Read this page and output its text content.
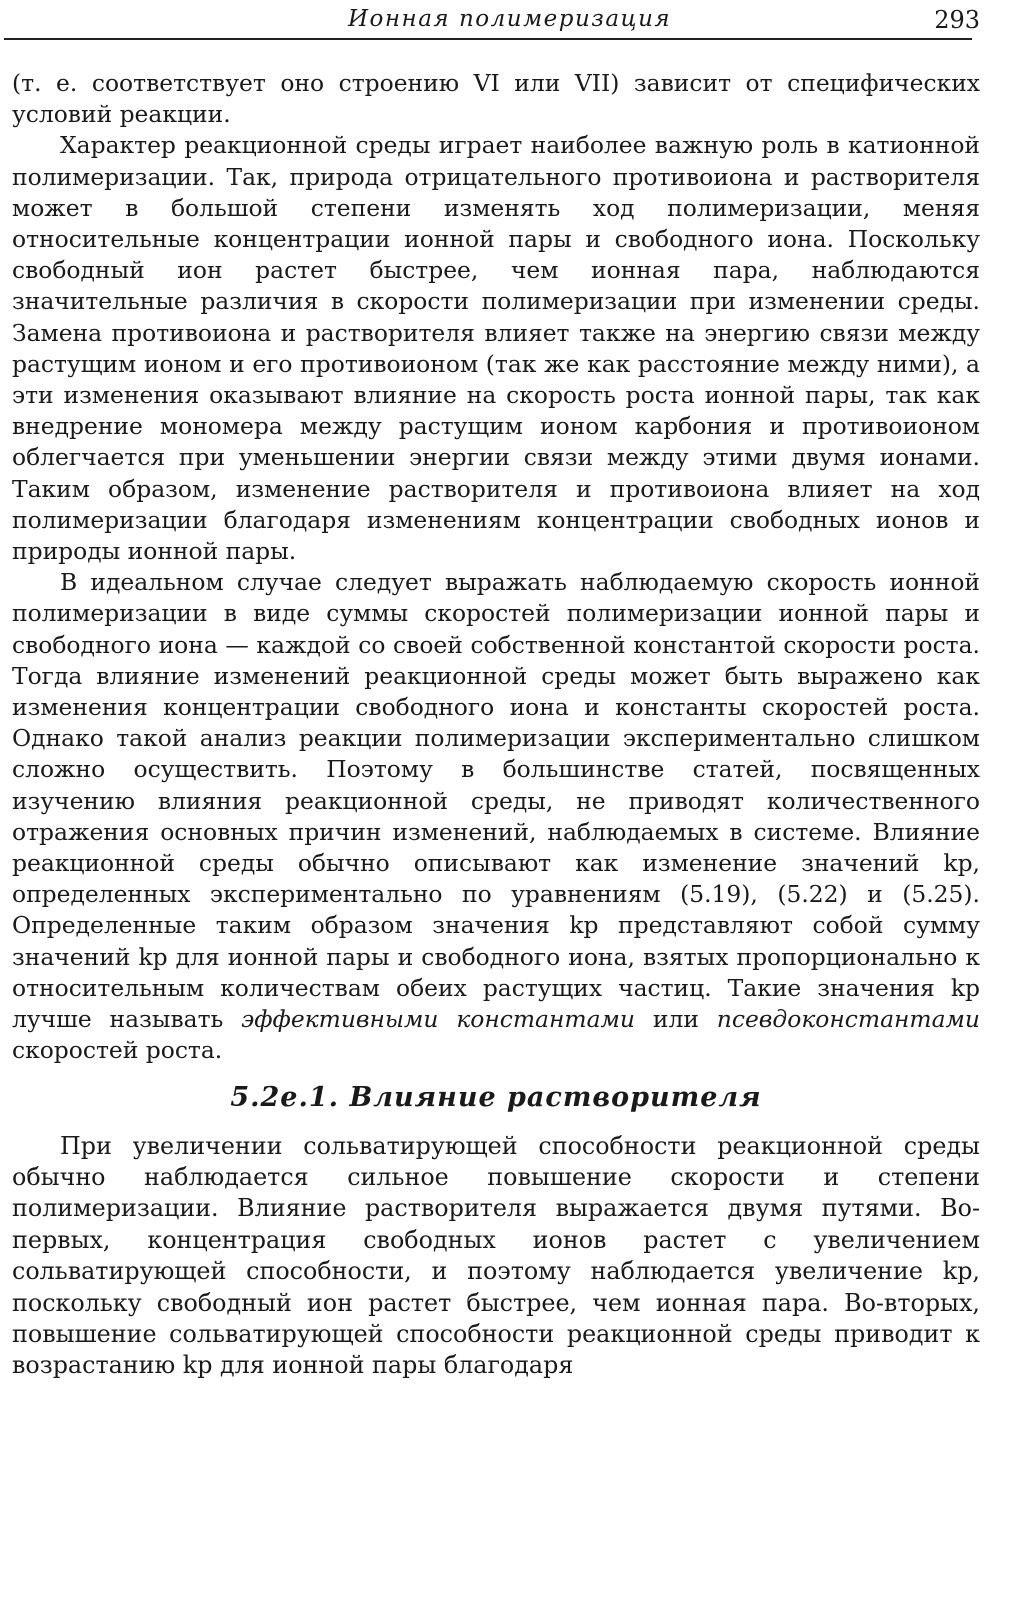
Ионная полимеризация	293

(т. е. соответствует оно строению VI или VII) зависит от специфических условий реакции.

Характер реакционной среды играет наиболее важную роль в катионной полимеризации. Так, природа отрицательного противоиона и растворителя может в большой степени изменять ход полимеризации, меняя относительные концентрации ионной пары и свободного иона. Поскольку свободный ион растет быстрее, чем ионная пара, наблюдаются значительные различия в скорости полимеризации при изменении среды. Замена противоиона и растворителя влияет также на энергию связи между растущим ионом и его противоионом (так же как расстояние между ними), а эти изменения оказывают влияние на скорость роста ионной пары, так как внедрение мономера между растущим ионом карбония и противоионом облегчается при уменьшении энергии связи между этими двумя ионами. Таким образом, изменение растворителя и противоиона влияет на ход полимеризации благодаря изменениям концентрации свободных ионов и природы ионной пары.

В идеальном случае следует выражать наблюдаемую скорость ионной полимеризации в виде суммы скоростей полимеризации ионной пары и свободного иона — каждой со своей собственной константой скорости роста. Тогда влияние изменений реакционной среды может быть выражено как изменения концентрации свободного иона и константы скоростей роста. Однако такой анализ реакции полимеризации экспериментально слишком сложно осуществить. Поэтому в большинстве статей, посвященных изучению влияния реакционной среды, не приводят количественного отражения основных причин изменений, наблюдаемых в системе. Влияние реакционной среды обычно описывают как изменение значений kp, определенных экспериментально по уравнениям (5.19), (5.22) и (5.25). Определенные таким образом значения kp представляют собой сумму значений kp для ионной пары и свободного иона, взятых пропорционально к относительным количествам обеих растущих частиц. Такие значения kp лучше называть эффективными константами или псевдоконстантами скоростей роста.

5.2е.1. Влияние растворителя

При увеличении сольватирующей способности реакционной среды обычно наблюдается сильное повышение скорости и степени полимеризации. Влияние растворителя выражается двумя путями. Во-первых, концентрация свободных ионов растет с увеличением сольватирующей способности, и поэтому наблюдается увеличение kp, поскольку свободный ион растет быстрее, чем ионная пара. Во-вторых, повышение сольватирующей способности реакционной среды приводит к возрастанию kp для ионной пары благодаря
